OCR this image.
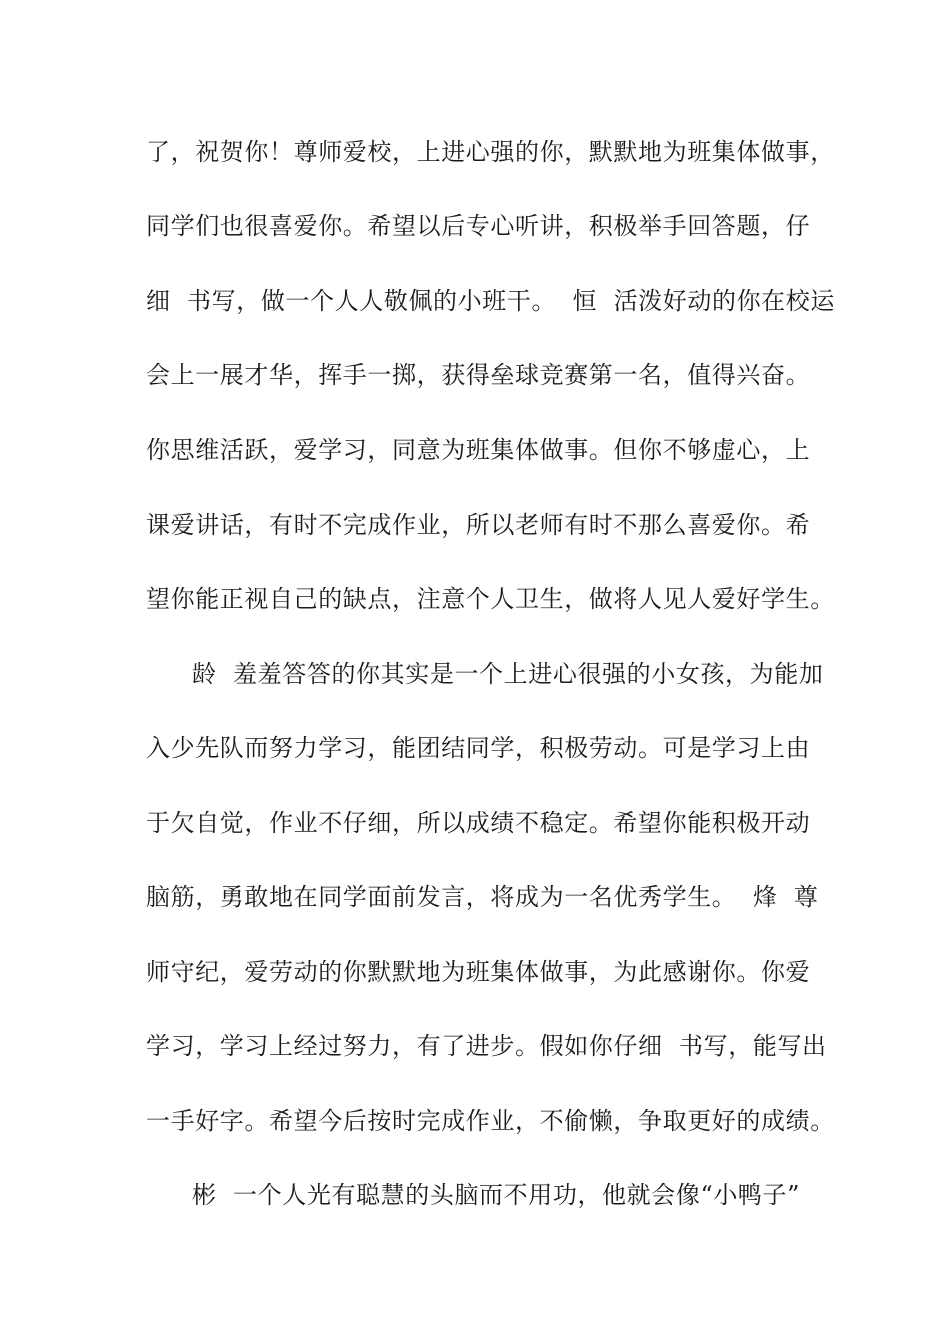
了，祝贺你！尊师爱校，上进心强的你，默默地为班集体做事，
同学们也很喜爱你。希望以后专心听讲，积极举手回答题，仔
细  书写，做一个人人敬佩的小班干。  恒  活泼好动的你在校运
会上一展才华，挥手一掷，获得垒球竞赛第一名，值得兴奋。
你思维活跃，爱学习，同意为班集体做事。但你不够虚心，上
课爱讲话，有时不完成作业，所以老师有时不那么喜爱你。希
望你能正视自己的缺点，注意个人卫生，做将人见人爱好学生。
龄  羞羞答答的你其实是一个上进心很强的小女孩，为能加
入少先队而努力学习，能团结同学，积极劳动。可是学习上由
于欠自觉，作业不仔细，所以成绩不稳定。希望你能积极开动
脑筋，勇敢地在同学面前发言，将成为一名优秀学生。  烽  尊
师守纪，爱劳动的你默默地为班集体做事，为此感谢你。你爱
学习，学习上经过努力，有了进步。假如你仔细  书写，能写出
一手好字。希望今后按时完成作业，不偷懒，争取更好的成绩。
彬  一个人光有聪慧的头脑而不用功，他就会像“小鸭子”
